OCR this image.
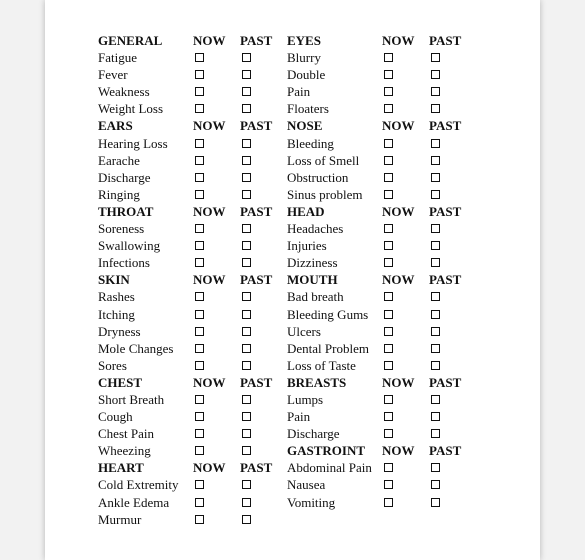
GENERAL NOW PAST
Fatigue
Fever
Weakness
Weight Loss
EARS	NOW PAST
Hearing Loss
Earache
Discharge
Ringing
THROAT	NOW PAST
Soreness
Swallowing
Infections
SKIN	NOW PAST
Rashes
Itching
Dryness
Mole Changes
Sores
CHEST	NOW PAST
Short Breath
Cough
Chest Pain
Wheezing
HEART	NOW PAST
Cold Extremity
Ankle Edema
Murmur
EYES	NOW PAST
Blurry
Double
Pain
Floaters
NOSE	NOW PAST
Bleeding
Loss of Smell
Obstruction
Sinus problem
HEAD	NOW PAST
Headaches
Injuries
Dizziness
MOUTH	NOW PAST
Bad breath
Bleeding Gums
Ulcers
Dental Problem
Loss of Taste
BREASTS	NOW PAST
Lumps
Pain
Discharge
GASTROINT NOW PAST
Abdominal Pain
Nausea
Vomiting
